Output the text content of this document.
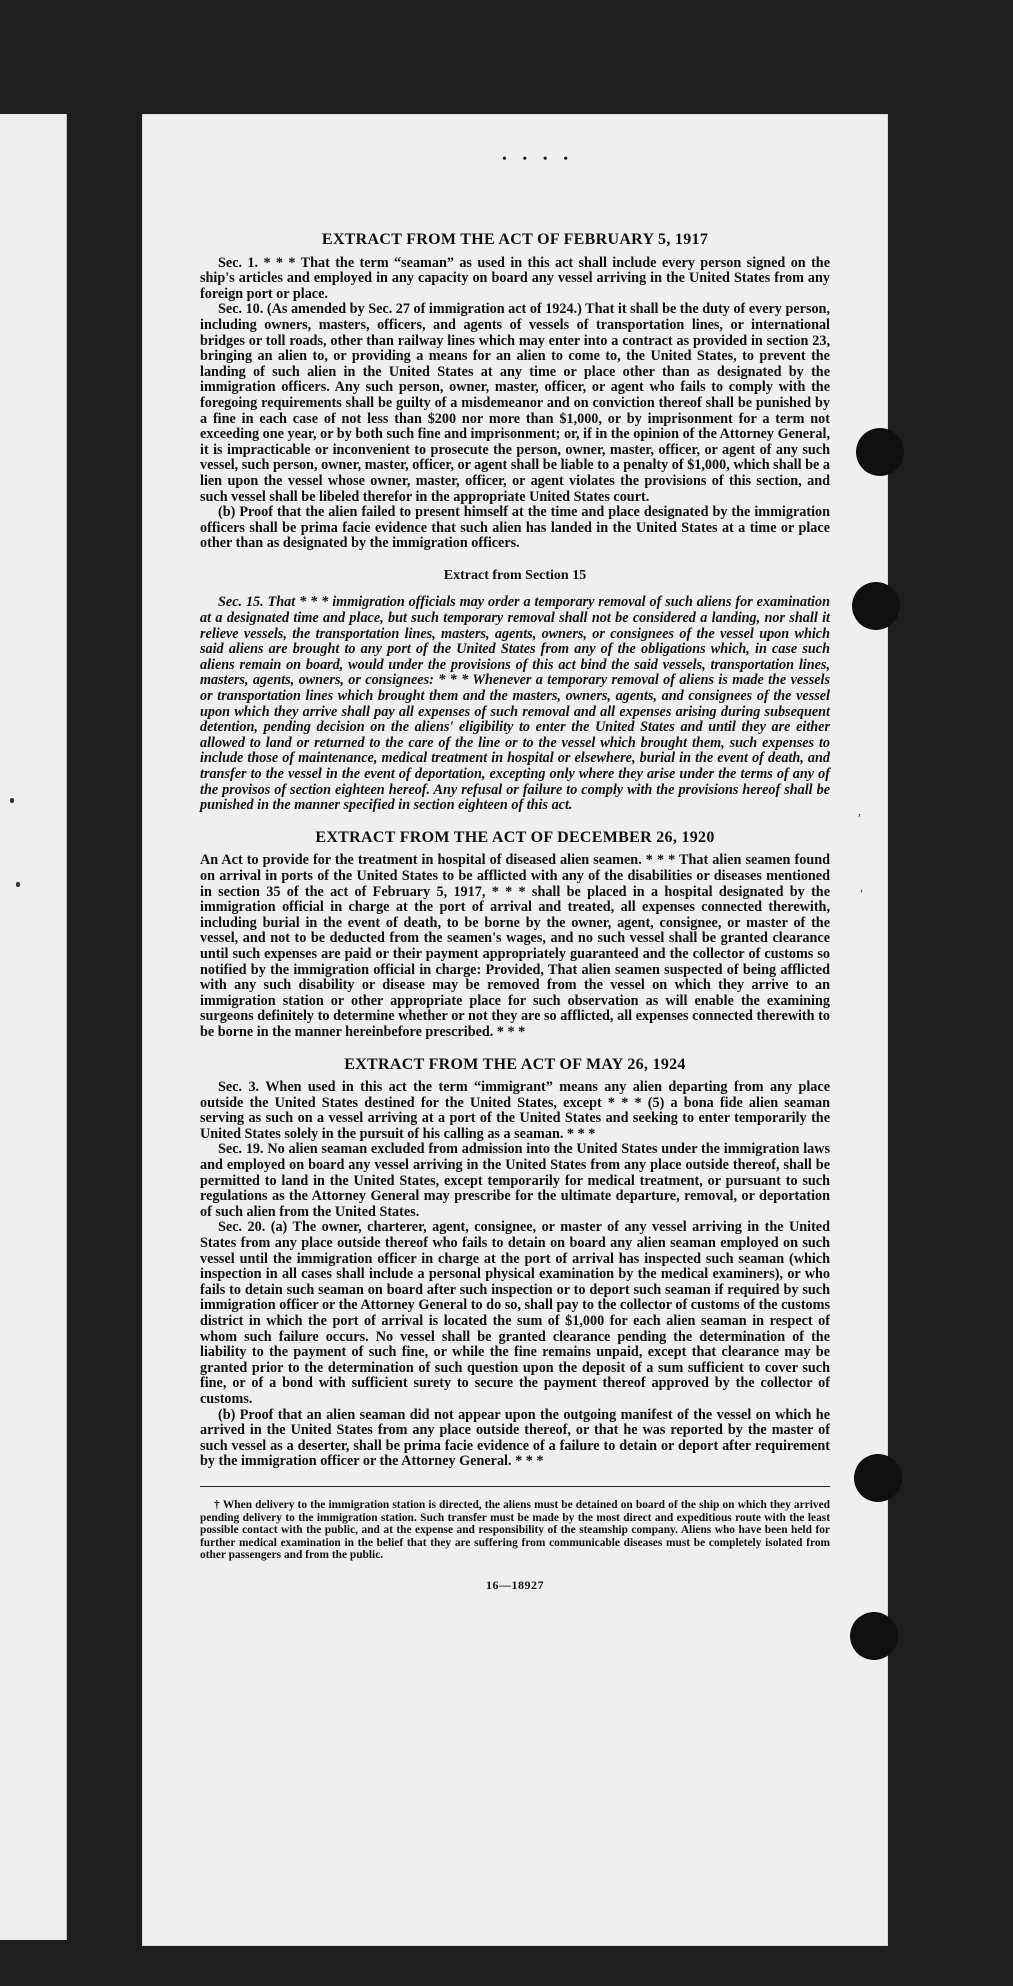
• • • •
,
,
EXTRACT FROM THE ACT OF FEBRUARY 5, 1917

Sec. 1. * * * That the term “seaman” as used in this act shall include every person signed on the ship's articles and employed in any capacity on board any vessel arriving in the United States from any foreign port or place.

Sec. 10. (As amended by Sec. 27 of immigration act of 1924.) That it shall be the duty of every person, including owners, masters, officers, and agents of vessels of transportation lines, or international bridges or toll roads, other than railway lines which may enter into a contract as provided in section 23, bringing an alien to, or providing a means for an alien to come to, the United States, to prevent the landing of such alien in the United States at any time or place other than as designated by the immigration officers. Any such person, owner, master, officer, or agent who fails to comply with the foregoing requirements shall be guilty of a misdemeanor and on conviction thereof shall be punished by a fine in each case of not less than $200 nor more than $1,000, or by imprisonment for a term not exceeding one year, or by both such fine and imprisonment; or, if in the opinion of the Attorney General, it is impracticable or inconvenient to prosecute the person, owner, master, officer, or agent of any such vessel, such person, owner, master, officer, or agent shall be liable to a penalty of $1,000, which shall be a lien upon the vessel whose owner, master, officer, or agent violates the provisions of this section, and such vessel shall be libeled therefor in the appropriate United States court.

(b) Proof that the alien failed to present himself at the time and place designated by the immigration officers shall be prima facie evidence that such alien has landed in the United States at a time or place other than as designated by the immigration officers.

Extract from Section 15

Sec. 15. That * * * immigration officials may order a temporary removal of such aliens for examination at a designated time and place, but such temporary removal shall not be considered a landing, nor shall it relieve vessels, the transportation lines, masters, agents, owners, or consignees of the vessel upon which said aliens are brought to any port of the United States from any of the obligations which, in case such aliens remain on board, would under the provisions of this act bind the said vessels, transportation lines, masters, agents, owners, or consignees: * * * Whenever a temporary removal of aliens is made the vessels or transportation lines which brought them and the masters, owners, agents, and consignees of the vessel upon which they arrive shall pay all expenses of such removal and all expenses arising during subsequent detention, pending decision on the aliens' eligibility to enter the United States and until they are either allowed to land or returned to the care of the line or to the vessel which brought them, such expenses to include those of maintenance, medical treatment in hospital or elsewhere, burial in the event of death, and transfer to the vessel in the event of deportation, excepting only where they arise under the terms of any of the provisos of section eighteen hereof. Any refusal or failure to comply with the provisions hereof shall be punished in the manner specified in section eighteen of this act.

EXTRACT FROM THE ACT OF DECEMBER 26, 1920

An Act to provide for the treatment in hospital of diseased alien seamen. * * * That alien seamen found on arrival in ports of the United States to be afflicted with any of the disabilities or diseases mentioned in section 35 of the act of February 5, 1917, * * * shall be placed in a hospital designated by the immigration official in charge at the port of arrival and treated, all expenses connected therewith, including burial in the event of death, to be borne by the owner, agent, consignee, or master of the vessel, and not to be deducted from the seamen's wages, and no such vessel shall be granted clearance until such expenses are paid or their payment appropriately guaranteed and the collector of customs so notified by the immigration official in charge: Provided, That alien seamen suspected of being afflicted with any such disability or disease may be removed from the vessel on which they arrive to an immigration station or other appropriate place for such observation as will enable the examining surgeons definitely to determine whether or not they are so afflicted, all expenses connected therewith to be borne in the manner hereinbefore prescribed. * * *

EXTRACT FROM THE ACT OF MAY 26, 1924

Sec. 3. When used in this act the term “immigrant” means any alien departing from any place outside the United States destined for the United States, except * * * (5) a bona fide alien seaman serving as such on a vessel arriving at a port of the United States and seeking to enter temporarily the United States solely in the pursuit of his calling as a seaman. * * *

Sec. 19. No alien seaman excluded from admission into the United States under the immigration laws and employed on board any vessel arriving in the United States from any place outside thereof, shall be permitted to land in the United States, except temporarily for medical treatment, or pursuant to such regulations as the Attorney General may prescribe for the ultimate departure, removal, or deportation of such alien from the United States.

Sec. 20. (a) The owner, charterer, agent, consignee, or master of any vessel arriving in the United States from any place outside thereof who fails to detain on board any alien seaman employed on such vessel until the immigration officer in charge at the port of arrival has inspected such seaman (which inspection in all cases shall include a personal physical examination by the medical examiners), or who fails to detain such seaman on board after such inspection or to deport such seaman if required by such immigration officer or the Attorney General to do so, shall pay to the collector of customs of the customs district in which the port of arrival is located the sum of $1,000 for each alien seaman in respect of whom such failure occurs. No vessel shall be granted clearance pending the determination of the liability to the payment of such fine, or while the fine remains unpaid, except that clearance may be granted prior to the determination of such question upon the deposit of a sum sufficient to cover such fine, or of a bond with sufficient surety to secure the payment thereof approved by the collector of customs.

(b) Proof that an alien seaman did not appear upon the outgoing manifest of the vessel on which he arrived in the United States from any place outside thereof, or that he was reported by the master of such vessel as a deserter, shall be prima facie evidence of a failure to detain or deport after requirement by the immigration officer or the Attorney General. * * *

† When delivery to the immigration station is directed, the aliens must be detained on board of the ship on which they arrived pending delivery to the immigration station. Such transfer must be made by the most direct and expeditious route with the least possible contact with the public, and at the expense and responsibility of the steamship company. Aliens who have been held for further medical examination in the belief that they are suffering from communicable diseases must be completely isolated from other passengers and from the public.

16—18927
